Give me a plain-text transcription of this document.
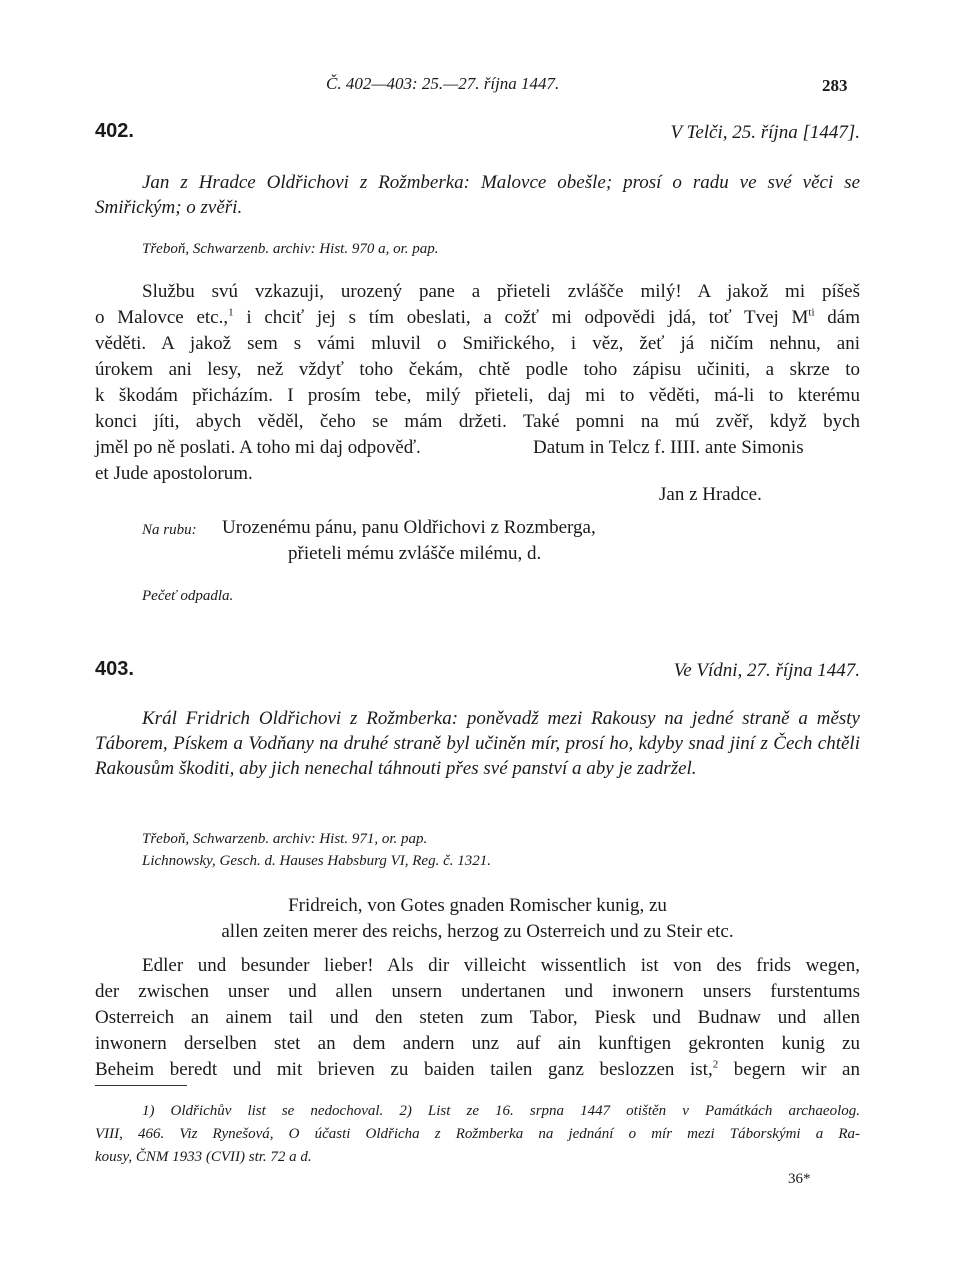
Č. 402—403: 25.—27. října 1447.	283
402.	V Telči, 25. října [1447].
Jan z Hradce Oldřichovi z Rožmberka: Malovce obešle; prosí o radu ve své věci se Smiřickým; o zvěři.
Třeboň, Schwarzenb. archiv: Hist. 970 a, or. pap.
Službu svú vzkazuji, urozený pane a přieteli zvlášče milý! A jakož mi píšeš
o Malovce etc.,$^1$ i chciť jej s tím obeslati, a cožť mi odpovědi jdá, toť Tvej $M^{ti}$ dám
věděti. A jakož sem s vámi mluvil o Smiřického, i věz, žeť já ničím nehnu, ani
úrokem ani lesy, než vždyť toho čekám, chtě podle toho zápisu učiniti, a skrze to
k škodám přicházím. I prosím tebe, milý přieteli, daj mi to věděti, má-li to kterému
konci jíti, abych věděl, čeho se mám držeti. Také pomni na mú zvěř, když bych
jměl po ně poslati. A toho mi daj odpověď.	Datum in Telcz f. IIII. ante Simonis
et Jude apostolorum.
Jan z Hradce.
Na rubu: Urozenému pánu, panu Oldřichovi z Rozmberga,
přieteli mému zvlášče milému, d.
Pečeť odpadla.
403.	Ve Vídni, 27. října 1447.
Král Fridrich Oldřichovi z Rožmberka: poněvadž mezi Rakousy na jedné straně a městy Táborem, Pískem a Vodňany na druhé straně byl učiněn mír, prosí ho, kdyby snad jiní z Čech chtěli Rakousům škoditi, aby jich nenechal táhnouti přes své panství a aby je zadržel.
Třeboň, Schwarzenb. archiv: Hist. 971, or. pap.
Lichnowsky, Gesch. d. Hauses Habsburg VI, Reg. č. 1321.
Fridreich, von Gotes gnaden Romischer kunig, zu
allen zeiten merer des reichs, herzog zu Osterreich und zu Steir etc.
Edler und besunder lieber! Als dir villeicht wissentlich ist von des frids wegen,
der zwischen unser und allen unsern undertanen und inwonern unsers furstentums
Osterreich an ainem tail und den steten zum Tabor, Piesk und Budnaw und allen
inwonern derselben stet an dem andern unz auf ain kunftigen gekronten kunig zu
Beheim beredt und mit brieven zu baiden tailen ganz beslozzen ist,$^2$ begern wir an
1) Oldřichův list se nedochoval. 2) List ze 16. srpna 1447 otištěn v Památkách archaeolog.
VIII, 466. Viz Rynešová, O účasti Oldřicha z Rožmberka na jednání o mír mezi Táborskými a Ra-
kousy, ČNM 1933 (CVII) str. 72 a d.
36*
